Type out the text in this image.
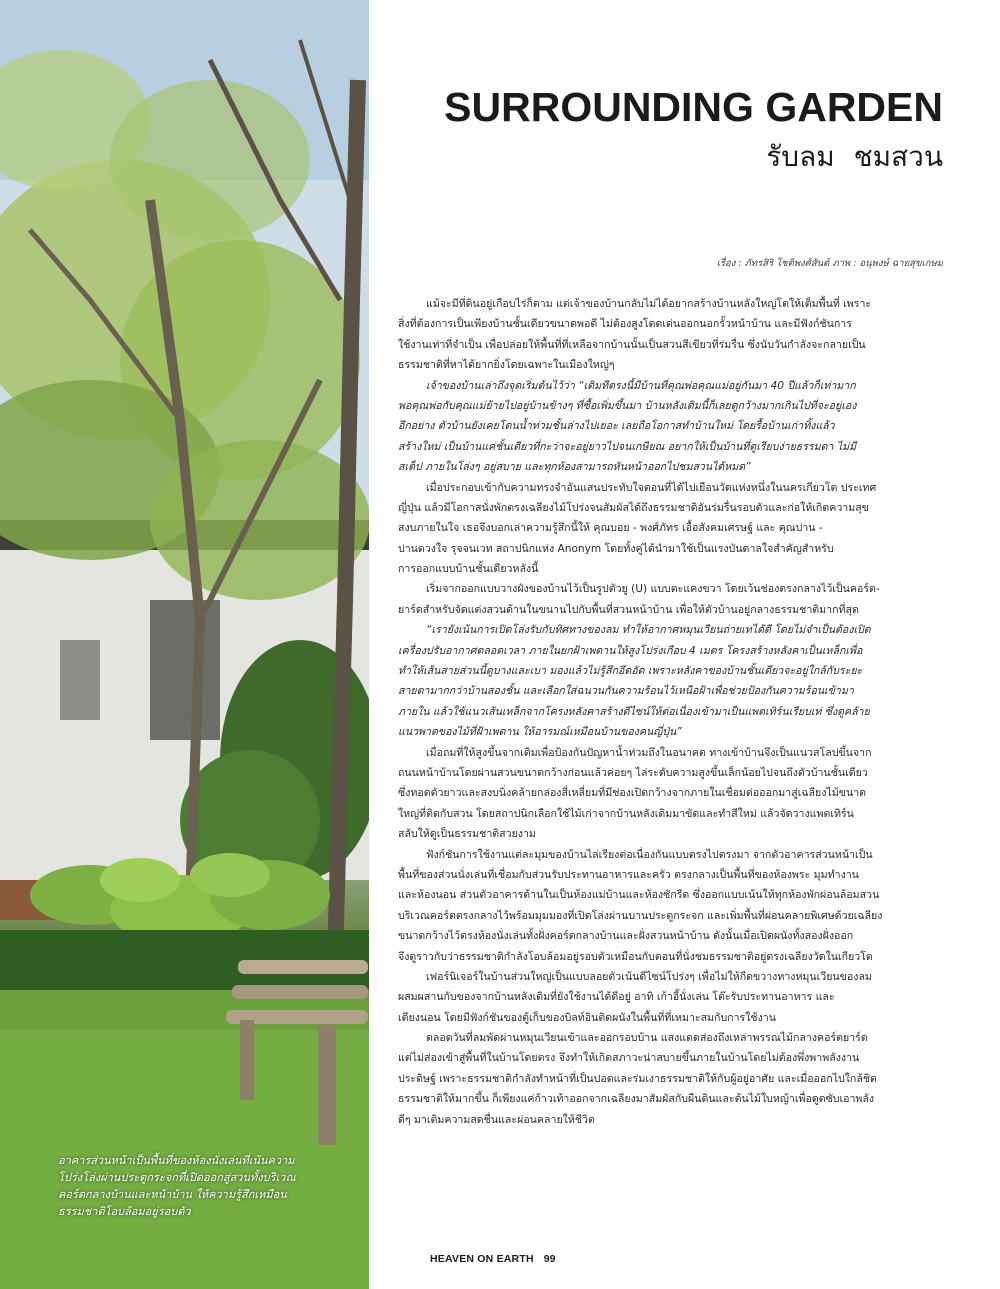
อาคารส่วนหน้าเป็นพื้นที่ของห้องนั่งเล่นที่เน้นความ
โปร่งโล่งผ่านประตูกระจกที่เปิดออกสู่สวนทั้งบริเวณ
คอร์ตกลางบ้านและหน้าบ้าน ให้ความรู้สึกเหมือน
ธรรมชาติโอบล้อมอยู่รอบตัว
SURROUNDING GARDEN
รับลม ชมสวน
เรื่อง : ภัทรสิริ โชติพงศ์สันต์ ภาพ : อนุพงษ์ ฉายสุขเกษม
แม้จะมีที่ดินอยู่เกือบไร่ก็ตาม แต่เจ้าของบ้านกลับไม่ได้อยากสร้างบ้านหลังใหญ่โตให้เต็มพื้นที่ เพราะ
สิ่งที่ต้องการเป็นเพียงบ้านชั้นเดียวขนาดพอดี ไม่ต้องสูงโดดเด่นออกนอกรั้วหน้าบ้าน และมีฟังก์ชันการ
ใช้งานเท่าที่จำเป็น เพื่อปล่อยให้พื้นที่ที่เหลือจากบ้านนั้นเป็นสวนสีเขียวที่ร่มรื่น ซึ่งนับวันกำลังจะกลายเป็น
ธรรมชาติที่หาได้ยากยิ่งโดยเฉพาะในเมืองใหญ่ๆ
เจ้าของบ้านเล่าถึงจุดเริ่มต้นไว้ว่า “เดิมทีตรงนี้มีบ้านที่คุณพ่อคุณแม่อยู่กันมา 40 ปีแล้วก็เท่ามาก
พอคุณพ่อกับคุณแม่ย้ายไปอยู่บ้านข้างๆ ที่ซื้อเพิ่มขึ้นมา บ้านหลังเดิมนี้ก็เลยดูกว้างมากเกินไปที่จะอยู่เอง
อีกอย่าง ตัวบ้านยังเคยโดนน้ำท่วมชั้นล่างไปเยอะ เลยถือโอกาสทำบ้านใหม่ โดยรื้อบ้านเก่าทิ้งแล้ว
สร้างใหม่ เป็นบ้านแค่ชั้นเดียวที่กะว่าจะอยู่ยาวไปจนเกษียณ อยากให้เป็นบ้านที่ดูเรียบง่ายธรรมดา ไม่มี
สเต็ป ภายในโล่งๆ อยู่สบาย และทุกห้องสามารถหันหน้าออกไปชมสวนได้หมด”
เมื่อประกอบเข้ากับความทรงจำอันแสนประทับใจตอนที่ได้ไปเยือนวัดแห่งหนึ่งในนครเกียวโต ประเทศ
ญี่ปุ่น แล้วมีโอกาสนั่งพักตรงเฉลียงไม้โปร่งจนสัมผัสได้ถึงธรรมชาติอันร่มรื่นรอบตัวและก่อให้เกิดความสุข
สงบภายในใจ เธอจึงบอกเล่าความรู้สึกนี้ให้ คุณบอย - พงศ์ภัทร เอื้อสังคมเศรษฐ์ และ คุณปาน -
ปานดวงใจ รุจจนเวท สถาปนิกแห่ง Anonym โดยทั้งคู่ได้นำมาใช้เป็นแรงบันดาลใจสำคัญสำหรับ
การออกแบบบ้านชั้นเดียวหลังนี้
เริ่มจากออกแบบวางผังของบ้านไว้เป็นรูปตัวยู (U) แบบตะแคงขวา โดยเว้นช่องตรงกลางไว้เป็นคอร์ต-
ยาร์ดสำหรับจัดแต่งสวนด้านในขนานไปกับพื้นที่สวนหน้าบ้าน เพื่อให้ตัวบ้านอยู่กลางธรรมชาติมากที่สุด
“เรายังเน้นการเปิดโล่งรับกับทิศทางของลม ทำให้อากาศหมุนเวียนถ่ายเทได้ดี โดยไม่จำเป็นต้องเปิด
เครื่องปรับอากาศตลอดเวลา ภายในยกฝ้าเพดานให้สูงโปร่งเกือบ 4 เมตร โครงสร้างหลังคาเป็นเหล็กเพื่อ
ทำให้เส้นสายส่วนนี้ดูบางและเบา มองแล้วไม่รู้สึกอึดอัด เพราะหลังคาของบ้านชั้นเดียวจะอยู่ใกล้กับระยะ
สายตามากกว่าบ้านสองชั้น และเลือกใส่ฉนวนกันความร้อนไว้เหนือฝ้าเพื่อช่วยป้องกันความร้อนเข้ามา
ภายใน แล้วใช้แนวเส้นเหล็กจากโครงหลังคาสร้างดีไซน์ให้ต่อเนื่องเข้ามาเป็นแพตเทิร์นเรียบเท่ ซึ่งดูคล้าย
แนวพาดของไม้ที่ฝ้าเพดาน ให้อารมณ์เหมือนบ้านของคนญี่ปุ่น”
เมื่อถมที่ให้สูงขึ้นจากเดิมเพื่อป้องกันปัญหาน้ำท่วมถึงในอนาคต ทางเข้าบ้านจึงเป็นแนวสโลปขึ้นจาก
ถนนหน้าบ้านโดยผ่านสวนขนาดกว้างก่อนแล้วค่อยๆ ไล่ระดับความสูงขึ้นเล็กน้อยไปจนถึงตัวบ้านชั้นเดียว
ซึ่งทอดตัวยาวและสงบนิ่งคล้ายกล่องสี่เหลี่ยมที่มีช่องเปิดกว้างจากภายในเชื่อมต่อออกมาสู่เฉลียงไม้ขนาด
ใหญ่ที่ติดกับสวน โดยสถาปนิกเลือกใช้ไม้เก่าจากบ้านหลังเดิมมาขัดและทำสีใหม่ แล้วจัดวางแพตเทิร์น
สลับให้ดูเป็นธรรมชาติสวยงาม
ฟังก์ชันการใช้งานแต่ละมุมของบ้านไล่เรียงต่อเนื่องกันแบบตรงไปตรงมา จากตัวอาคารส่วนหน้าเป็น
พื้นที่ของส่วนนั่งเล่นที่เชื่อมกับส่วนรับประทานอาหารและครัว ตรงกลางเป็นพื้นที่ของห้องพระ มุมทำงาน
และห้องนอน ส่วนตัวอาคารด้านในเป็นห้องแม่บ้านและห้องซักรีด ซึ่งออกแบบเน้นให้ทุกห้องพักผ่อนล้อมสวน
บริเวณคอร์ตตรงกลางไว้พร้อมมุมมองที่เปิดโล่งผ่านบานประตูกระจก และเพิ่มพื้นที่ผ่อนคลายพิเศษด้วยเฉลียง
ขนาดกว้างไว้ตรงห้องนั่งเล่นทั้งฝั่งคอร์ตกลางบ้านและฝั่งสวนหน้าบ้าน ดังนั้นเมื่อเปิดผนังทั้งสองฝั่งออก
จึงดูราวกับว่าธรรมชาติกำลังโอบล้อมอยู่รอบตัวเหมือนกับตอนที่นั่งชมธรรมชาติอยู่ตรงเฉลียงวัดในเกียวโต
เฟอร์นิเจอร์ในบ้านส่วนใหญ่เป็นแบบลอยตัวเน้นดีไซน์โปร่งๆ เพื่อไม่ให้กีดขวางทางหมุนเวียนของลม
ผสมผสานกับของจากบ้านหลังเดิมที่ยังใช้งานได้ดีอยู่ อาทิ เก้าอี้นั่งเล่น โต๊ะรับประทานอาหาร และ
เตียงนอน โดยมีฟังก์ชันของตู้เก็บของบิลท์อินติดผนังในพื้นที่ที่เหมาะสมกับการใช้งาน
ตลอดวันที่ลมพัดผ่านหมุนเวียนเข้าและออกรอบบ้าน แสงแดดส่องถึงเหล่าพรรณไม้กลางคอร์ตยาร์ด
แต่ไม่ส่องเข้าสู่พื้นที่ในบ้านโดยตรง จึงทำให้เกิดสภาวะน่าสบายขึ้นภายในบ้านโดยไม่ต้องพึ่งพาพลังงาน
ประดิษฐ์ เพราะธรรมชาติกำลังทำหน้าที่เป็นปอดและร่มเงาธรรมชาติให้กับผู้อยู่อาศัย และเมื่อออกไปใกล้ชิด
ธรรมชาติให้มากขึ้น ก็เพียงแค่ก้าวเท้าออกจากเฉลียงมาสัมผัสกับผืนดินและต้นไม้ใบหญ้าเพื่อดูดซับเอาพลัง
ดีๆ มาเติมความสดชื่นและผ่อนคลายให้ชีวิต
HEAVEN ON EARTH 99
